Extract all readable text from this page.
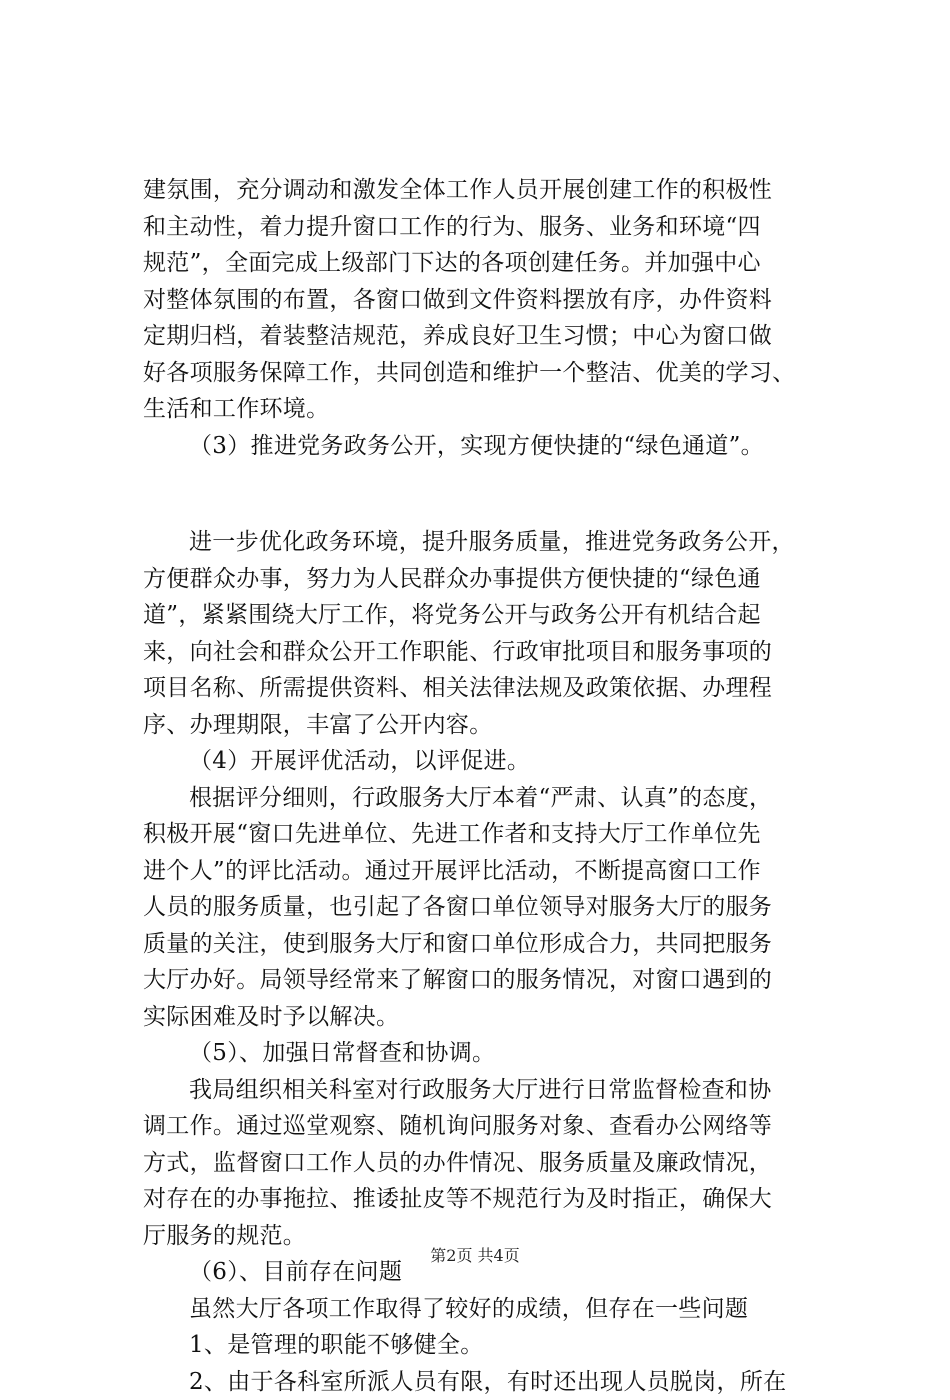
建氛围，充分调动和激发全体工作人员开展创建工作的积极性
和主动性，着力提升窗口工作的行为、服务、业务和环境“四
规范”，全面完成上级部门下达的各项创建任务。并加强中心
对整体氛围的布置，各窗口做到文件资料摆放有序，办件资料
定期归档，着装整洁规范，养成良好卫生习惯；中心为窗口做
好各项服务保障工作，共同创造和维护一个整洁、优美的学习、
生活和工作环境。
（3）推进党务政务公开，实现方便快捷的“绿色通道”。
进一步优化政务环境，提升服务质量，推进党务政务公开，
方便群众办事，努力为人民群众办事提供方便快捷的“绿色通
道”，紧紧围绕大厅工作，将党务公开与政务公开有机结合起
来，向社会和群众公开工作职能、行政审批项目和服务事项的
项目名称、所需提供资料、相关法律法规及政策依据、办理程
序、办理期限，丰富了公开内容。
（4）开展评优活动，以评促进。
根据评分细则，行政服务大厅本着“严肃、认真”的态度，
积极开展“窗口先进单位、先进工作者和支持大厅工作单位先
进个人”的评比活动。通过开展评比活动，不断提高窗口工作
人员的服务质量，也引起了各窗口单位领导对服务大厅的服务
质量的关注，使到服务大厅和窗口单位形成合力，共同把服务
大厅办好。局领导经常来了解窗口的服务情况，对窗口遇到的
实际困难及时予以解决。
（5）、加强日常督查和协调。
我局组织相关科室对行政服务大厅进行日常监督检查和协
调工作。通过巡堂观察、随机询问服务对象、查看办公网络等
方式，监督窗口工作人员的办件情况、服务质量及廉政情况，
对存在的办事拖拉、推诿扯皮等不规范行为及时指正，确保大
厅服务的规范。
（6）、目前存在问题
虽然大厅各项工作取得了较好的成绩，但存在一些问题
1、是管理的职能不够健全。
2、由于各科室所派人员有限，有时还出现人员脱岗，所在
第2页 共4页
